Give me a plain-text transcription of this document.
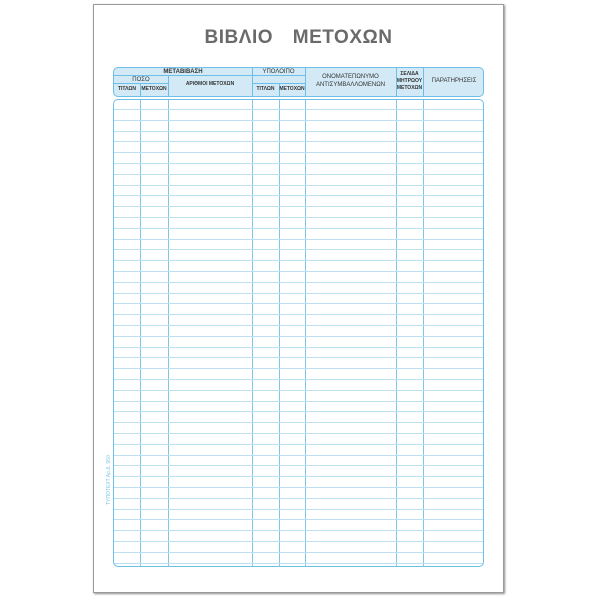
ΒΙΒΛΙΟ ΜΕΤΟΧΩΝ
ΜΕΤΑΒΙΒΑΣΗ	ΥΠΟΛΟΙΠΟ
ΠΟΣΟ
ΤΙΤΛΩΝ	ΜΕΤΟΧΩΝ
ΑΡΙΘΜΟΙ ΜΕΤΟΧΩΝ
ΤΙΤΛΩΝ ΜΕΤΟΧΩΝ
ΟΝΟΜΑΤΕΠΩΝΥΜΟ
ΑΝΤΙΣΥΜΒΑΛΛΟΜΕΝΩΝ
ΣΕΛΙΔΑ
ΜΗΤΡΩΟΥ
ΜΕΤΟΧΩΝ
ΠΑΡΑΤΗΡΗΣΕΙΣ
ΤΥΠΟΤΕΧΤ Αρ.Δ. 950
